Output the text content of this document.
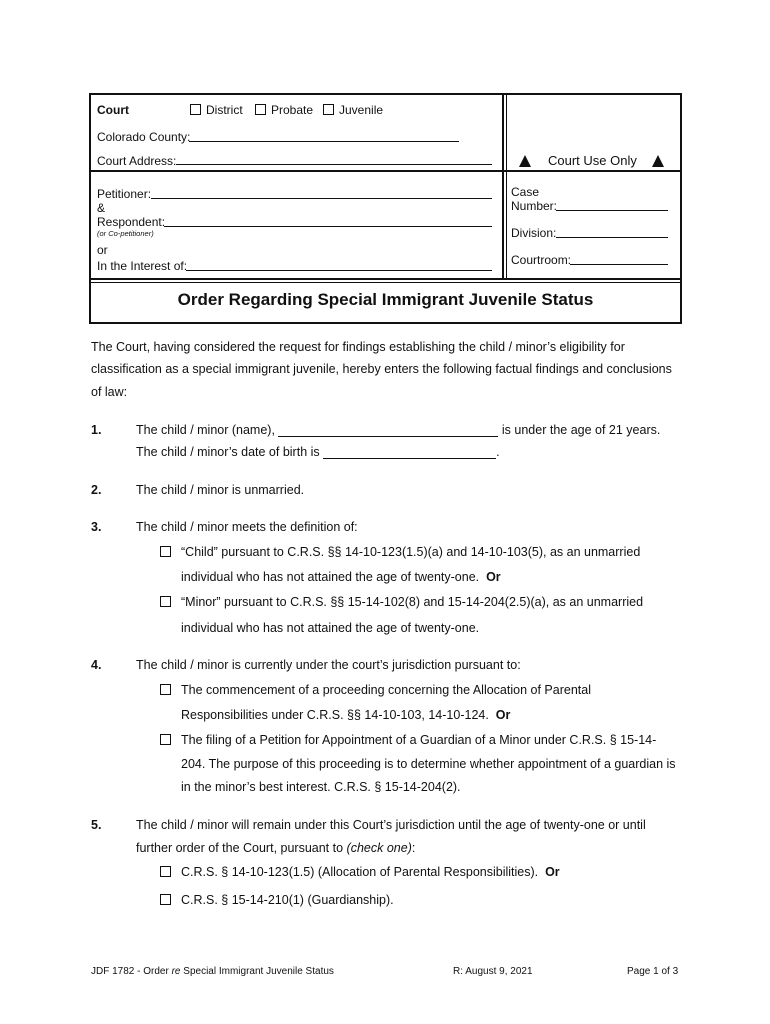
Court	District	Probate	Juvenile
Colorado County:
Court Address:	Court Use Only
Petitioner:
&
Respondent:
(or Co-petitioner)
or
In the Interest of:
Case
Number:
Division:
Courtroom:
Order Regarding Special Immigrant Juvenile Status
The Court, having considered the request for findings establishing the child / minor’s eligibility for
classification as a special immigrant juvenile, hereby enters the following factual findings and conclusions
of law:
1.	The child / minor (name),	is under the age of 21 years.
The child / minor’s date of birth is	.
2.	The child / minor is unmarried.
3.	The child / minor meets the definition of:
“Child” pursuant to C.R.S. §§ 14-10-123(1.5)(a) and 14-10-103(5), as an unmarried
individual who has not attained the age of twenty-one. Or
“Minor” pursuant to C.R.S. §§ 15-14-102(8) and 15-14-204(2.5)(a), as an unmarried
individual who has not attained the age of twenty-one.
4.	The child / minor is currently under the court’s jurisdiction pursuant to:
The commencement of a proceeding concerning the Allocation of Parental
Responsibilities under C.R.S. §§ 14-10-103, 14-10-124. Or
The filing of a Petition for Appointment of a Guardian of a Minor under C.R.S. § 15-14-
204. The purpose of this proceeding is to determine whether appointment of a guardian is
in the minor’s best interest. C.R.S. § 15-14-204(2).
5.	The child / minor will remain under this Court’s jurisdiction until the age of twenty-one or until
further order of the Court, pursuant to (check one):
C.R.S. § 14-10-123(1.5) (Allocation of Parental Responsibilities). Or
C.R.S. § 15-14-210(1) (Guardianship).
JDF 1782 - Order re Special Immigrant Juvenile Status	R: August 9, 2021	Page 1 of 3
